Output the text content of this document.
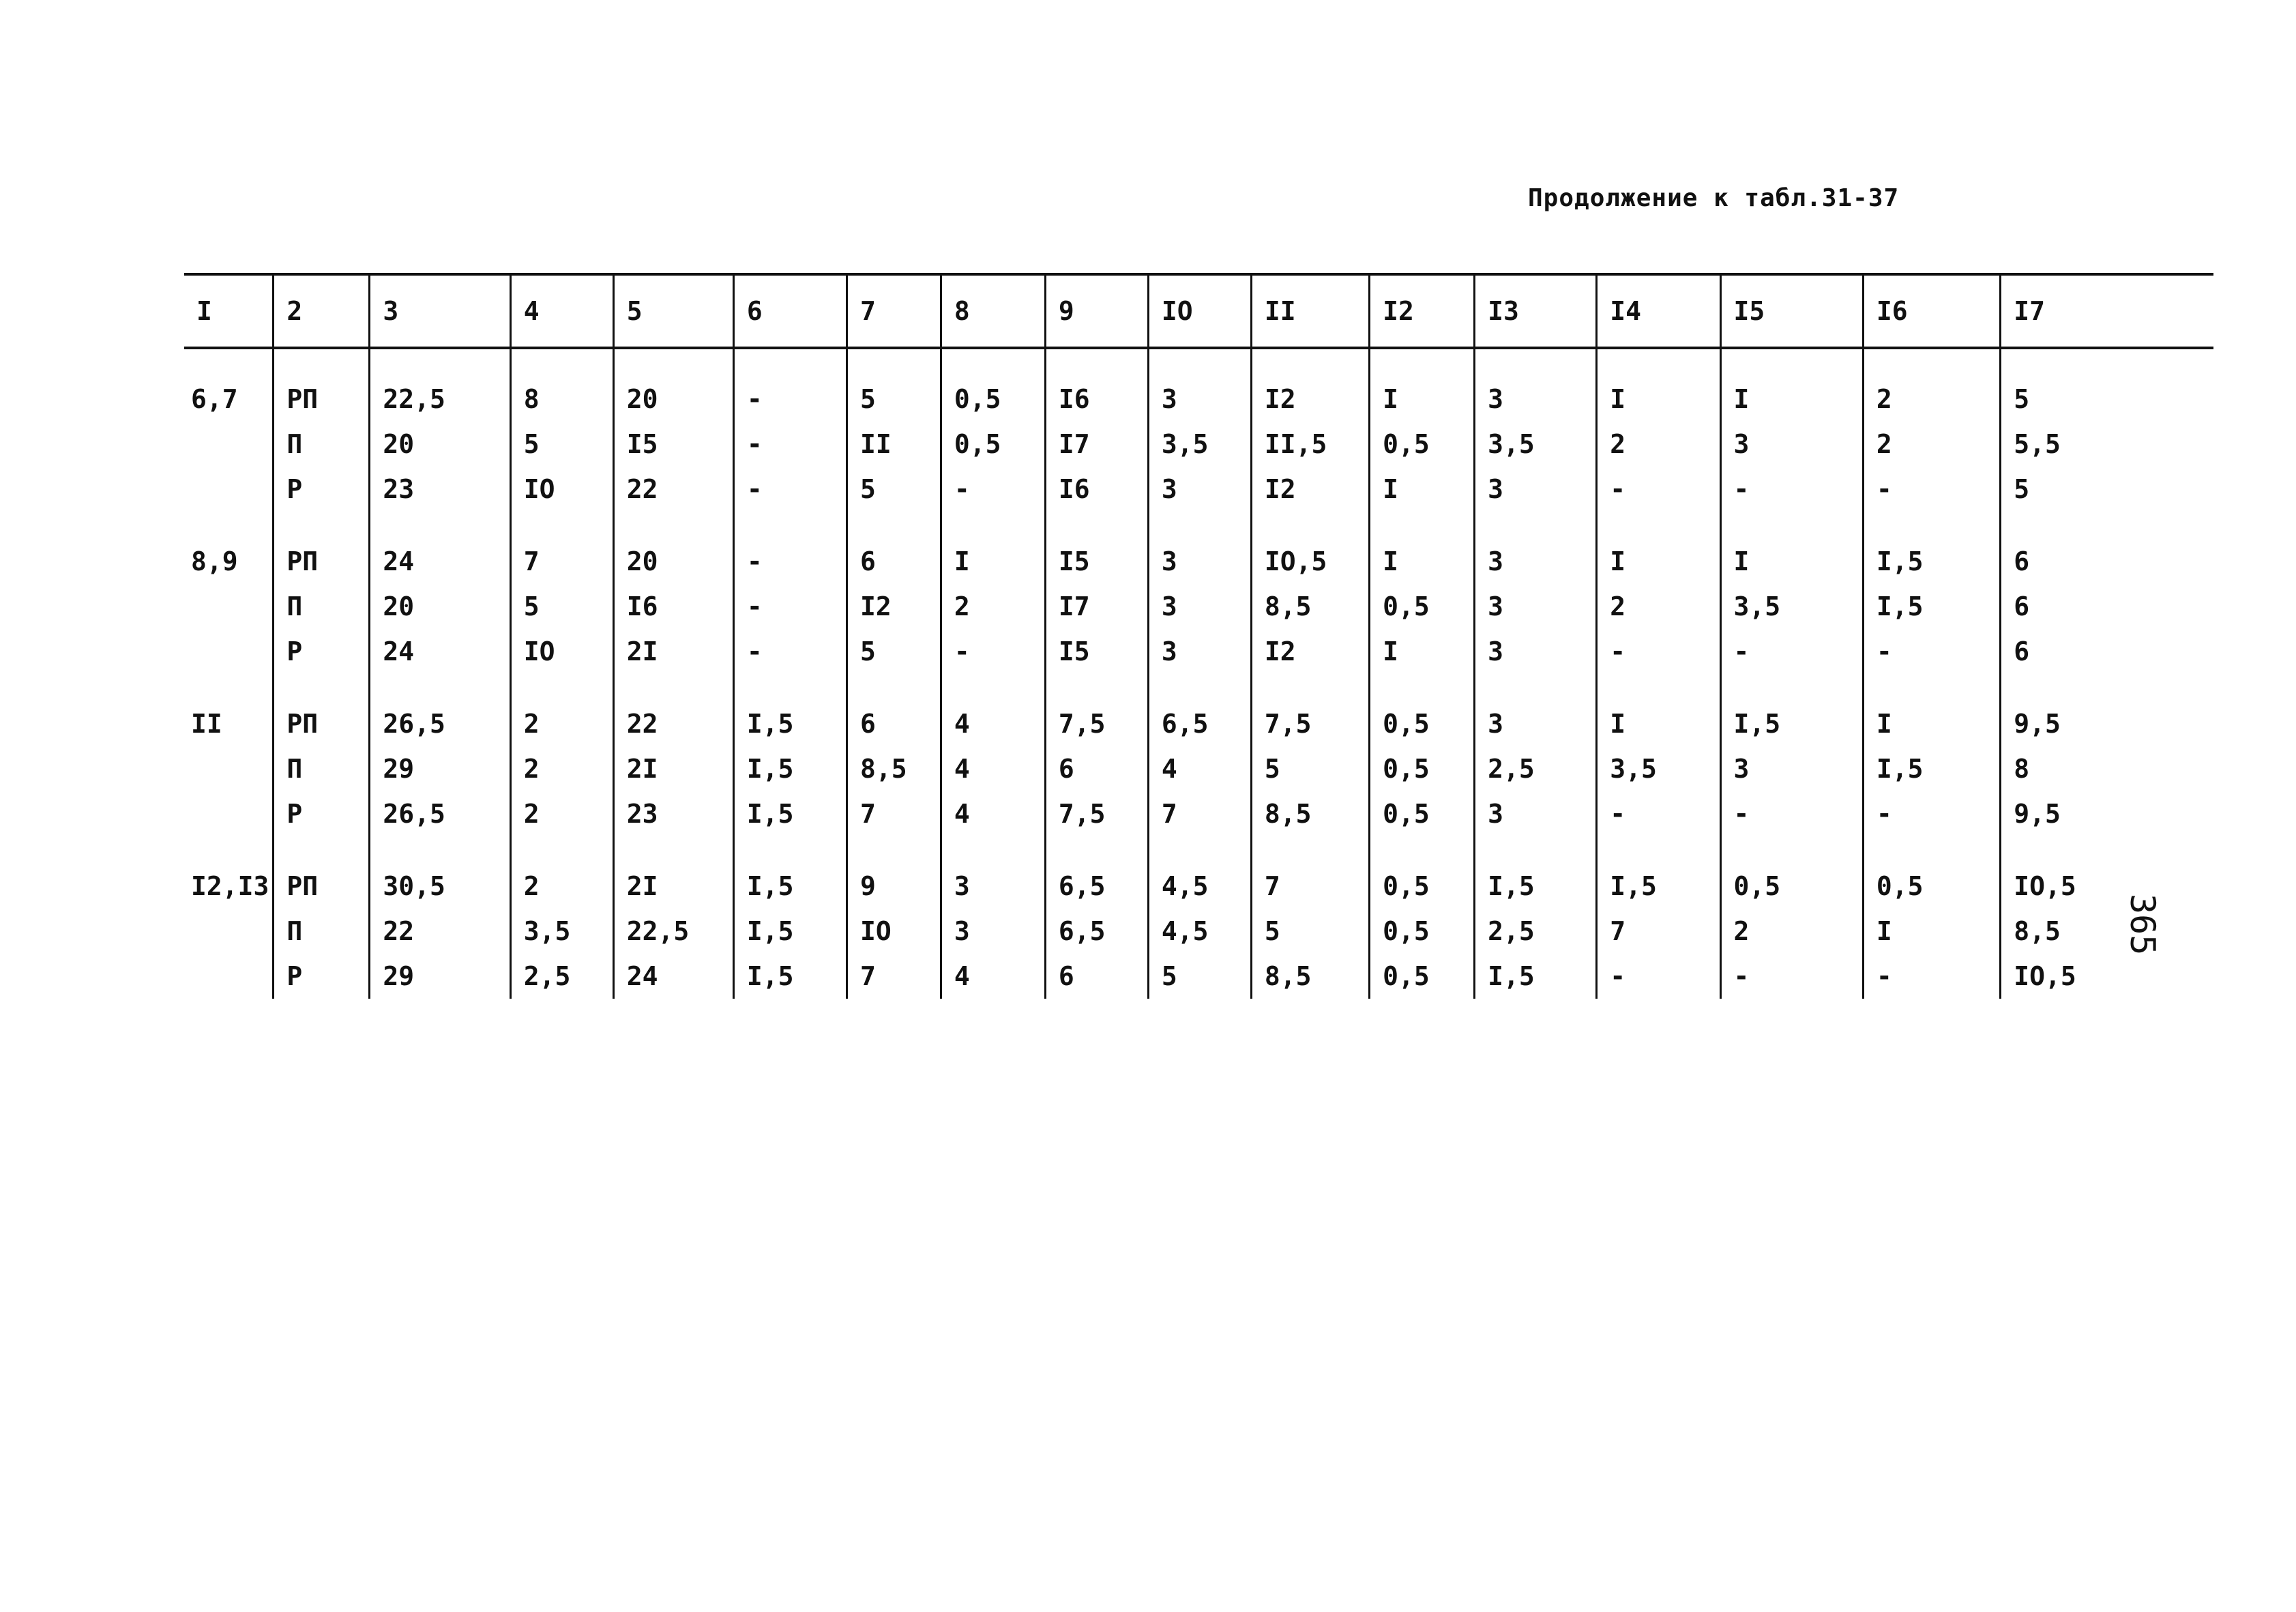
Продолжение к табл.31-37
I	2	3	4	5	6	7	8	9	IO	II	I2	I3	I4	I5	I6	I7
6,7	РП	22,5	8	20	-	5	0,5	I6	3	I2	I	3	I	I	2	5
	П	20	5	I5	-	II	0,5	I7	3,5	II,5	0,5	3,5	2	3	2	5,5
	Р	23	IO	22	-	5	-	I6	3	I2	I	3	-	-	-	5
8,9	РП	24	7	20	-	6	I	I5	3	IO,5	I	3	I	I	I,5	6
	П	20	5	I6	-	I2	2	I7	3	8,5	0,5	3	2	3,5	I,5	6
	Р	24	IO	2I	-	5	-	I5	3	I2	I	3	-	-	-	6
II	РП	26,5	2	22	I,5	6	4	7,5	6,5	7,5	0,5	3	I	I,5	I	9,5
	П	29	2	2I	I,5	8,5	4	6	4	5	0,5	2,5	3,5	3	I,5	8
	Р	26,5	2	23	I,5	7	4	7,5	7	8,5	0,5	3	-	-	-	9,5
I2,I3	РП	30,5	2	2I	I,5	9	3	6,5	4,5	7	0,5	I,5	I,5	0,5	0,5	IO,5
	П	22	3,5	22,5	I,5	IO	3	6,5	4,5	5	0,5	2,5	7	2	I	8,5
	Р	29	2,5	24	I,5	7	4	6	5	8,5	0,5	I,5	-	-	-	IO,5
365
